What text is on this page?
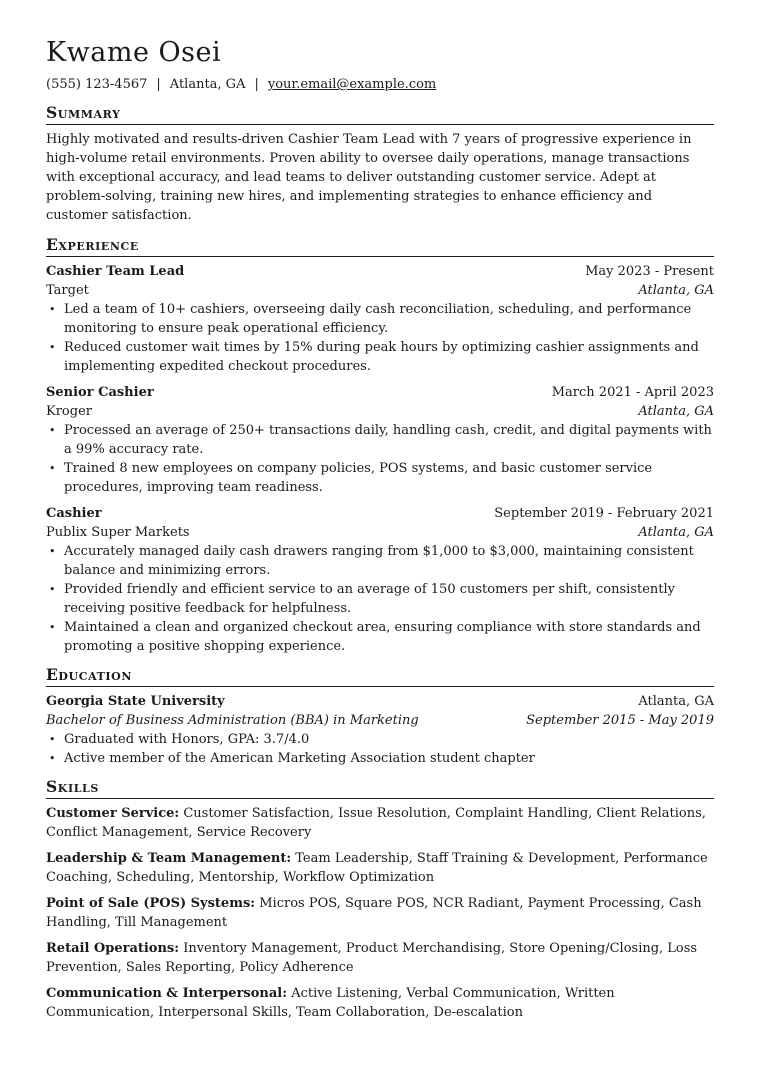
Kwame Osei
(555) 123-4567 | Atlanta, GA | your.email@example.com
Summary

Highly motivated and results-driven Cashier Team Lead with 7 years of progressive experience in high-volume retail environments. Proven ability to oversee daily operations, manage transactions with exceptional accuracy, and lead teams to deliver outstanding customer service. Adept at problem-solving, training new hires, and implementing strategies to enhance efficiency and customer satisfaction.

Experience
Cashier Team Lead	May 2023 - Present
Target	Atlanta, GA
• Led a team of 10+ cashiers, overseeing daily cash reconciliation, scheduling, and performance monitoring to ensure peak operational efficiency.
• Reduced customer wait times by 15% during peak hours by optimizing cashier assignments and implementing expedited checkout procedures.
Senior Cashier	March 2021 - April 2023
Kroger	Atlanta, GA
• Processed an average of 250+ transactions daily, handling cash, credit, and digital payments with a 99% accuracy rate.
• Trained 8 new employees on company policies, POS systems, and basic customer service procedures, improving team readiness.
Cashier	September 2019 - February 2021
Publix Super Markets	Atlanta, GA
• Accurately managed daily cash drawers ranging from $1,000 to $3,000, maintaining consistent balance and minimizing errors.
• Provided friendly and efficient service to an average of 150 customers per shift, consistently receiving positive feedback for helpfulness.
• Maintained a clean and organized checkout area, ensuring compliance with store standards and promoting a positive shopping experience.
Education
Georgia State University	Atlanta, GA
Bachelor of Business Administration (BBA) in Marketing	September 2015 - May 2019
• Graduated with Honors, GPA: 3.7/4.0
• Active member of the American Marketing Association student chapter
Skills
Customer Service: Customer Satisfaction, Issue Resolution, Complaint Handling, Client Relations, Conflict Management, Service Recovery
Leadership & Team Management: Team Leadership, Staff Training & Development, Performance Coaching, Scheduling, Mentorship, Workflow Optimization
Point of Sale (POS) Systems: Micros POS, Square POS, NCR Radiant, Payment Processing, Cash Handling, Till Management
Retail Operations: Inventory Management, Product Merchandising, Store Opening/Closing, Loss Prevention, Sales Reporting, Policy Adherence
Communication & Interpersonal: Active Listening, Verbal Communication, Written Communication, Interpersonal Skills, Team Collaboration, De-escalation
